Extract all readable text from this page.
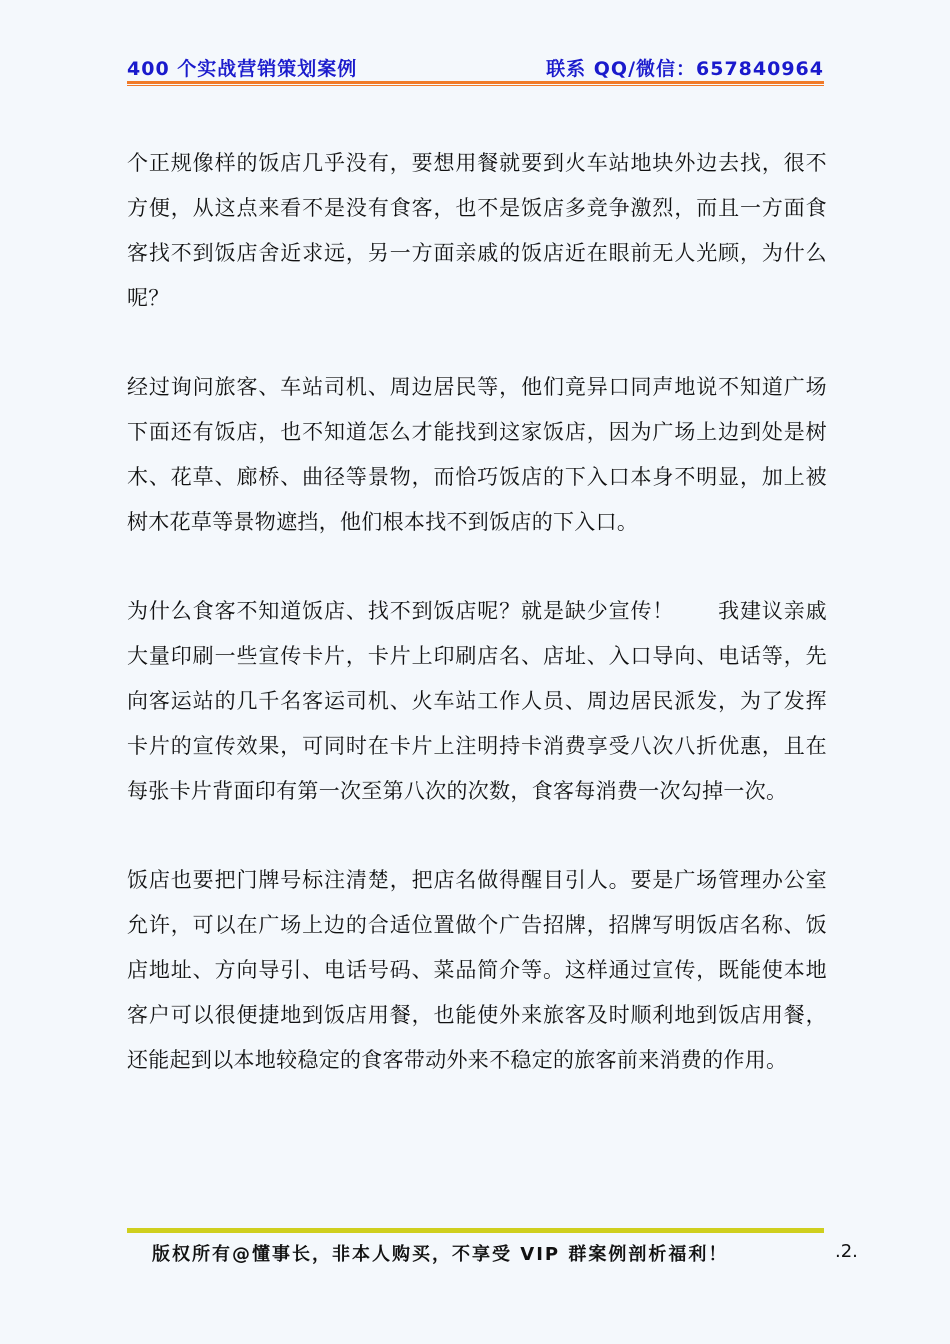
400 个实战营销策划案例	联系 QQ/微信：657840964

个正规像样的饭店几乎没有，要想用餐就要到火车站地块外边去找，很不方便，从这点来看不是没有食客，也不是饭店多竞争激烈，而且一方面食客找不到饭店舍近求远，另一方面亲戚的饭店近在眼前无人光顾，为什么呢？

经过询问旅客、车站司机、周边居民等，他们竟异口同声地说不知道广场下面还有饭店，也不知道怎么才能找到这家饭店，因为广场上边到处是树木、花草、廊桥、曲径等景物，而恰巧饭店的下入口本身不明显，加上被树木花草等景物遮挡，他们根本找不到饭店的下入口。

为什么食客不知道饭店、找不到饭店呢？就是缺少宣传！　　我建议亲戚大量印刷一些宣传卡片，卡片上印刷店名、店址、入口导向、电话等，先向客运站的几千名客运司机、火车站工作人员、周边居民派发，为了发挥卡片的宣传效果，可同时在卡片上注明持卡消费享受八次八折优惠，且在每张卡片背面印有第一次至第八次的次数，食客每消费一次勾掉一次。

饭店也要把门牌号标注清楚，把店名做得醒目引人。要是广场管理办公室允许，可以在广场上边的合适位置做个广告招牌，招牌写明饭店名称、饭店地址、方向导引、电话号码、菜品简介等。这样通过宣传，既能使本地客户可以很便捷地到饭店用餐，也能使外来旅客及时顺利地到饭店用餐，还能起到以本地较稳定的食客带动外来不稳定的旅客前来消费的作用。

版权所有@懂事长，非本人购买，不享受 VIP 群案例剖析福利！	.2.
